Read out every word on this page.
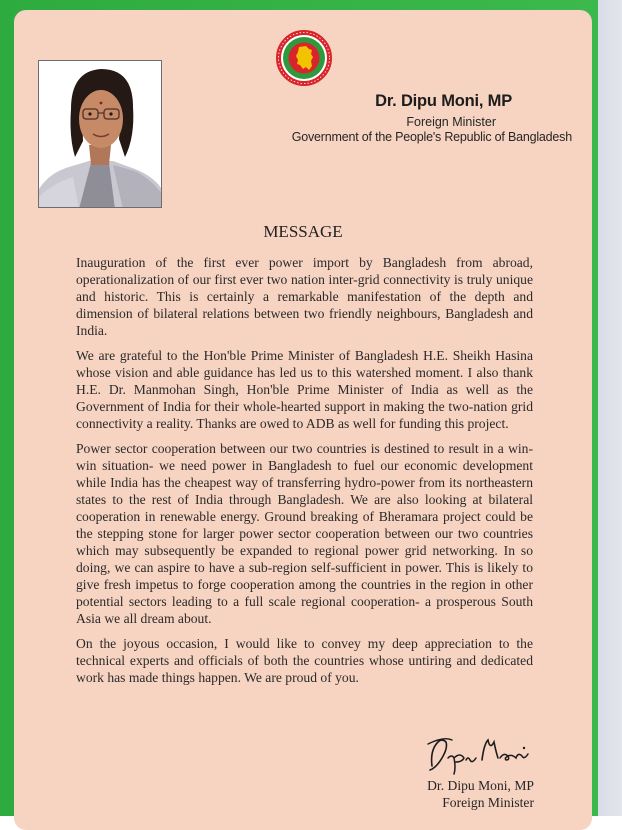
Dr. Dipu Moni, MP
Foreign Minister
Government of the People's Republic of Bangladesh
MESSAGE

Inauguration of the first ever power import by Bangladesh from abroad, operationalization of our first ever two nation inter-grid connectivity is truly unique and historic. This is certainly a remarkable manifestation of the depth and dimension of bilateral relations between two friendly neighbours, Bangladesh and India.

We are grateful to the Hon'ble Prime Minister of Bangladesh H.E. Sheikh Hasina whose vision and able guidance has led us to this watershed moment. I also thank H.E. Dr. Manmohan Singh, Hon'ble Prime Minister of India as well as the Government of India for their whole-hearted support in making the two-nation grid connectivity a reality. Thanks are owed to ADB as well for funding this project.

Power sector cooperation between our two countries is destined to result in a win-win situation- we need power in Bangladesh to fuel our economic development while India has the cheapest way of transferring hydro-power from its northeastern states to the rest of India through Bangladesh. We are also looking at bilateral cooperation in renewable energy. Ground breaking of Bheramara project could be the stepping stone for larger power sector cooperation between our two countries which may subsequently be expanded to regional power grid networking. In so doing, we can aspire to have a sub-region self-sufficient in power. This is likely to give fresh impetus to forge cooperation among the countries in the region in other potential sectors leading to a full scale regional cooperation- a prosperous South Asia we all dream about.

On the joyous occasion, I would like to convey my deep appreciation to the technical experts and officials of both the countries whose untiring and dedicated work has made things happen. We are proud of you.

Dr. Dipu Moni, MP
Foreign Minister
